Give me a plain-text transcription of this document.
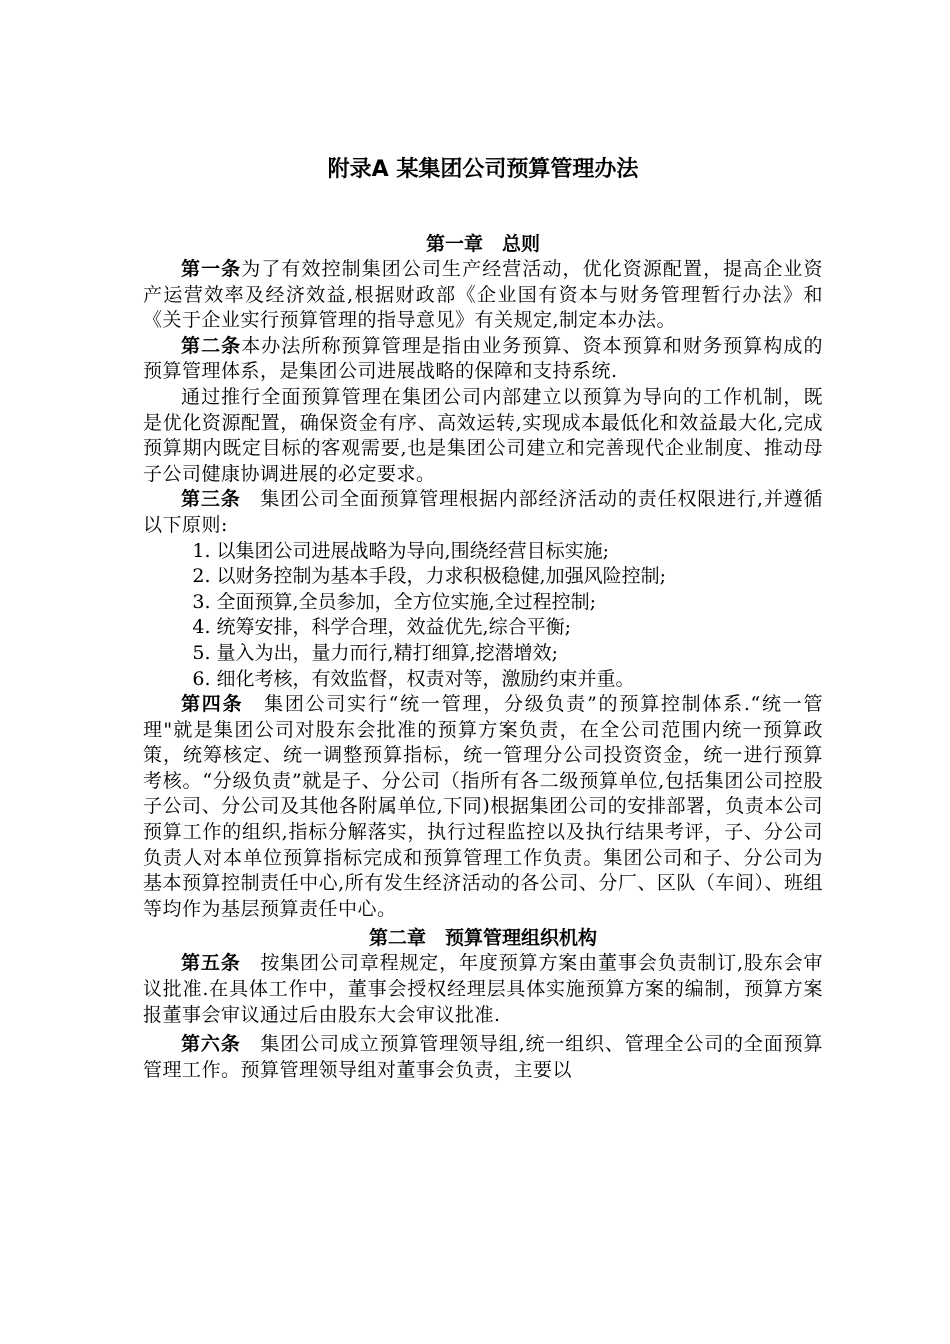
附录A 某集团公司预算管理办法

第一章　总则

第一条为了有效控制集团公司生产经营活动，优化资源配置，提高企业资产运营效率及经济效益,根据财政部《企业国有资本与财务管理暂行办法》和《关于企业实行预算管理的指导意见》有关规定,制定本办法。

第二条本办法所称预算管理是指由业务预算、资本预算和财务预算构成的预算管理体系，是集团公司进展战略的保障和支持系统.

通过推行全面预算管理在集团公司内部建立以预算为导向的工作机制，既是优化资源配置，确保资金有序、高效运转,实现成本最低化和效益最大化,完成预算期内既定目标的客观需要,也是集团公司建立和完善现代企业制度、推动母子公司健康协调进展的必定要求。

第三条　集团公司全面预算管理根据内部经济活动的责任权限进行,并遵循以下原则:

1. 以集团公司进展战略为导向,围绕经营目标实施;

2. 以财务控制为基本手段，力求积极稳健,加强风险控制;

3. 全面预算,全员参加，全方位实施,全过程控制;

4. 统筹安排，科学合理，效益优先,综合平衡;

5. 量入为出，量力而行,精打细算,挖潜增效;

6. 细化考核，有效监督，权责对等，激励约束并重。

第四条　集团公司实行“统一管理，分级负责”的预算控制体系.“统一管理"就是集团公司对股东会批准的预算方案负责，在全公司范围内统一预算政策，统筹核定、统一调整预算指标，统一管理分公司投资资金，统一进行预算考核。“分级负责”就是子、分公司（指所有各二级预算单位,包括集团公司控股子公司、分公司及其他各附属单位,下同)根据集团公司的安排部署，负责本公司预算工作的组织,指标分解落实，执行过程监控以及执行结果考评，子、分公司负责人对本单位预算指标完成和预算管理工作负责。集团公司和子、分公司为基本预算控制责任中心,所有发生经济活动的各公司、分厂、区队（车间）、班组等均作为基层预算责任中心。

第二章　预算管理组织机构

第五条　按集团公司章程规定，年度预算方案由董事会负责制订,股东会审议批准.在具体工作中，董事会授权经理层具体实施预算方案的编制，预算方案报董事会审议通过后由股东大会审议批准.

第六条　集团公司成立预算管理领导组,统一组织、管理全公司的全面预算管理工作。预算管理领导组对董事会负责，主要以
